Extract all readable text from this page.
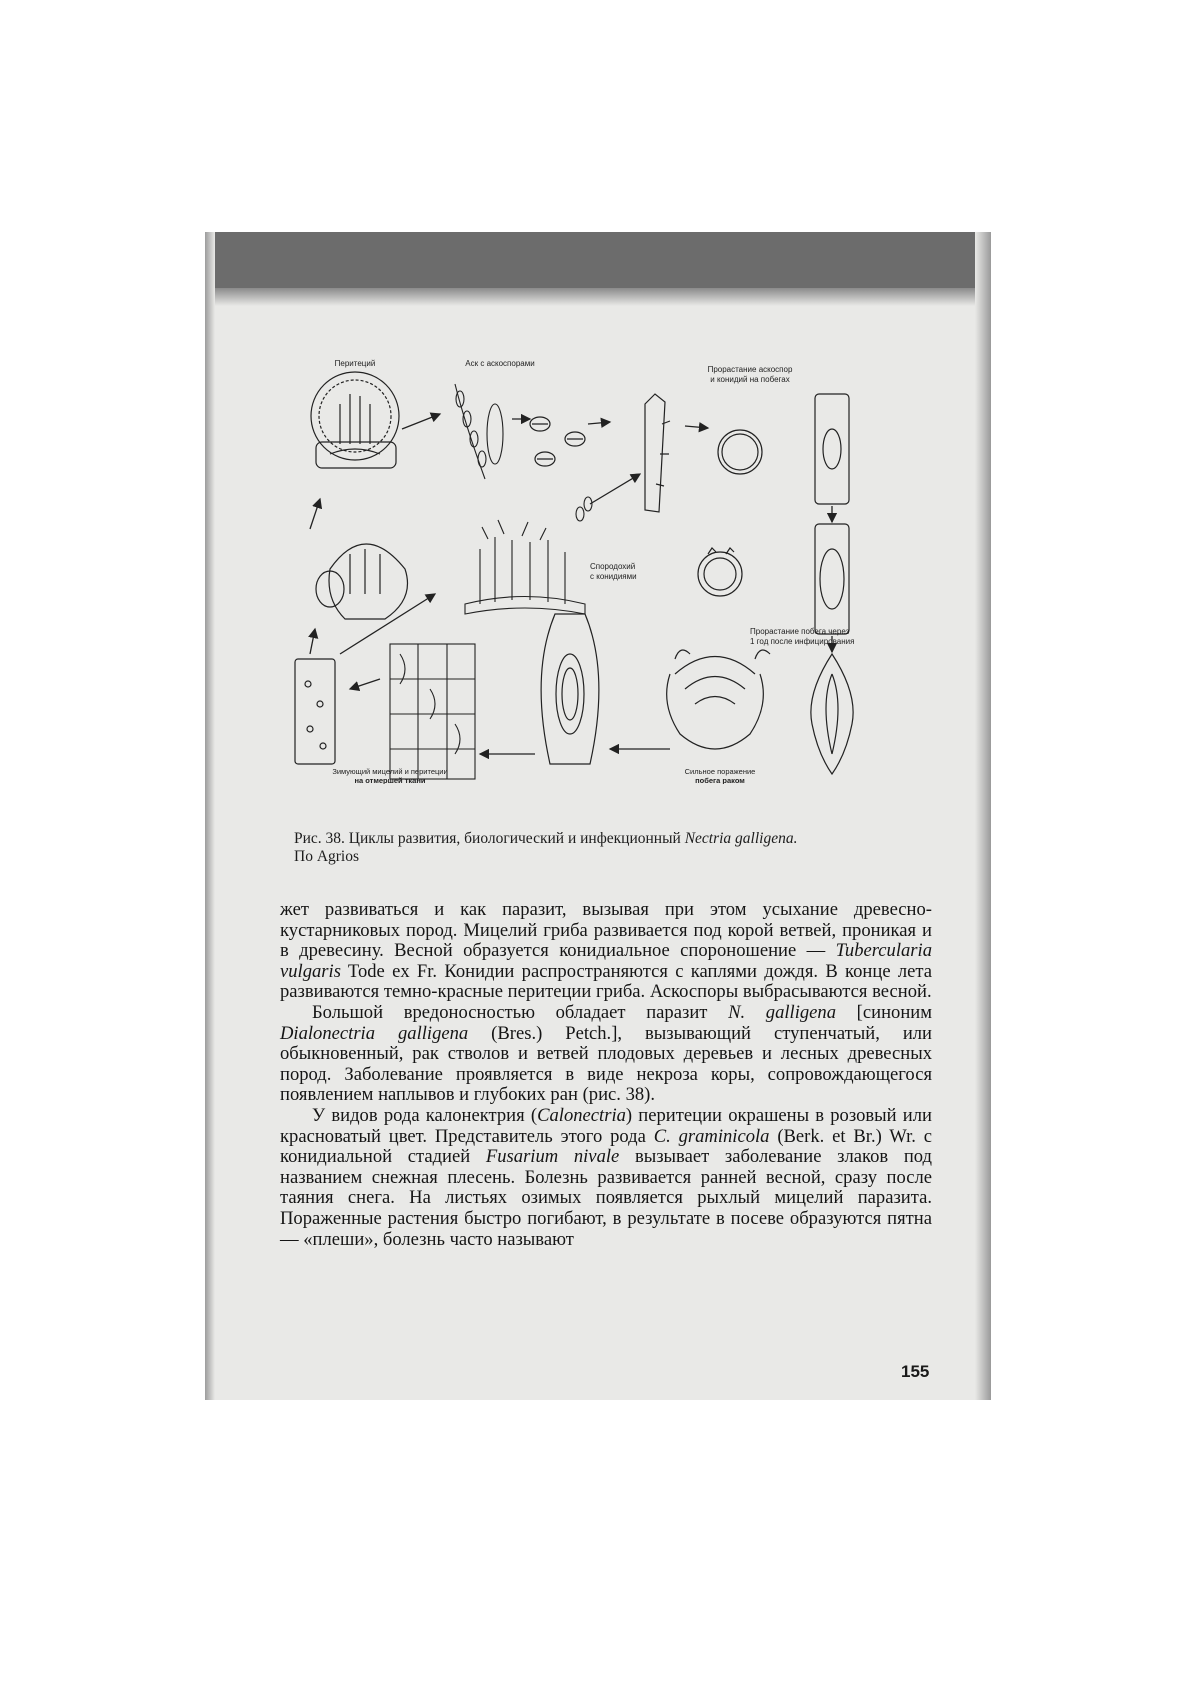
Перитеций	Аск с аскоспорами
Прорастание аскоспор
и конидий на побегах
Спородохий
с конидиями
Зимующий мицелий и перитеции
на отмершей ткани
Прорастание побега через
1 год после инфицирования
Сильное поражение
побега раком
Рис. 38. Циклы развития, биологический и инфекционный Nectria galligena.
По Agrios

жет развиваться и как паразит, вызывая при этом усыхание древесно-кустарниковых пород. Мицелий гриба развивается под корой ветвей, проникая и в древесину. Весной образуется конидиальное спороношение — Tubercularia vulgaris Tode ex Fr. Конидии распространяются с каплями дождя. В конце лета развиваются темно-красные перитеции гриба. Аскоспоры выбрасываются весной.

Большой вредоносностью обладает паразит N. galligena [синоним Dialonectria galligena (Bres.) Petch.], вызывающий ступенчатый, или обыкновенный, рак стволов и ветвей плодовых деревьев и лесных древесных пород. Заболевание проявляется в виде некроза коры, сопровождающегося появлением наплывов и глубоких ран (рис. 38).

У видов рода калонектрия (Calonectria) перитеции окрашены в розовый или красноватый цвет. Представитель этого рода C. graminicola (Berk. et Br.) Wr. с конидиальной стадией Fusarium nivale вызывает заболевание злаков под названием снежная плесень. Болезнь развивается ранней весной, сразу после таяния снега. На листьях озимых появляется рыхлый мицелий паразита. Пораженные растения быстро погибают, в результате в посеве образуются пятна — «плеши», болезнь часто называют

155
